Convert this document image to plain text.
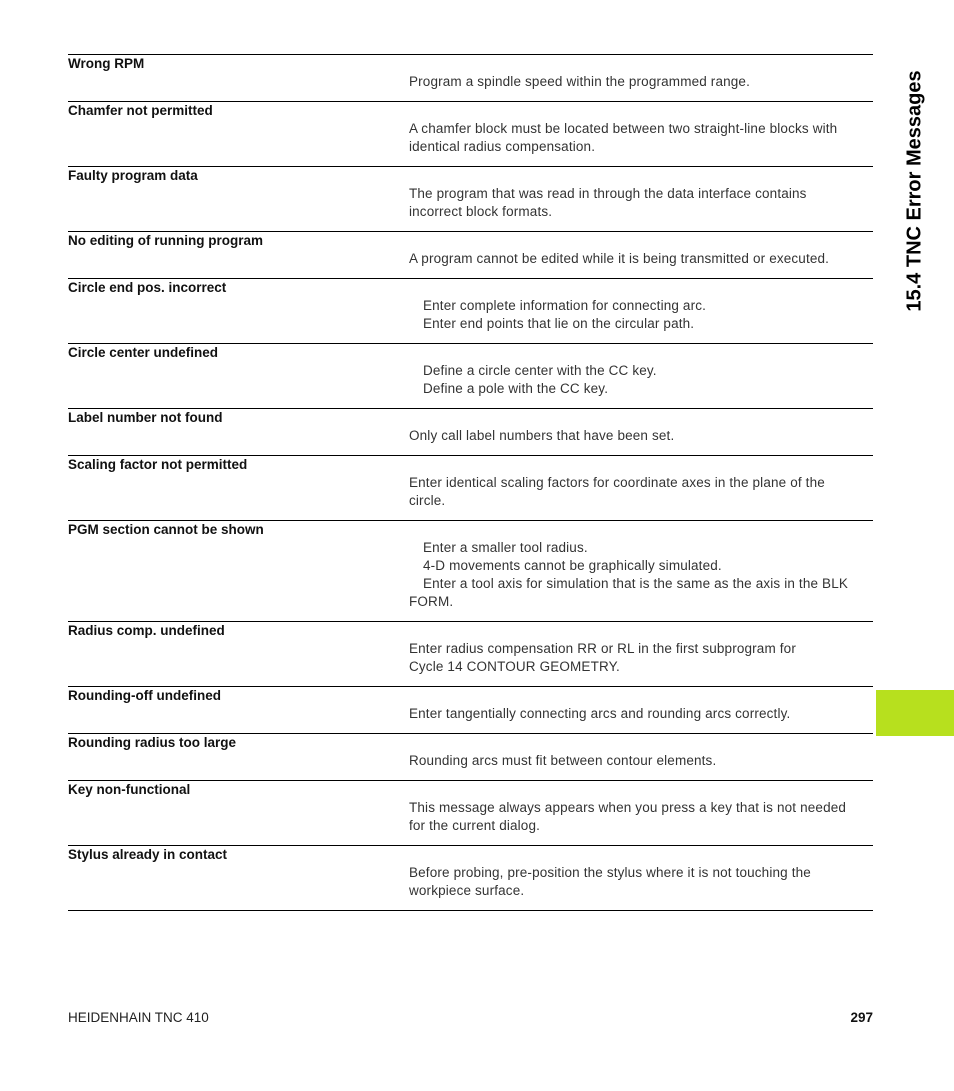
Wrong RPM
Program a spindle speed within the programmed range.
Chamfer not permitted
A chamfer block must be located between two straight-line blocks with
identical radius compensation.
Faulty program data
The program that was read in through the data interface contains
incorrect block formats.
No editing of running program
A program cannot be edited while it is being transmitted or executed.
Circle end pos. incorrect
Enter complete information for connecting arc.
Enter end points that lie on the circular path.
Circle center undefined
Define a circle center with the CC key.
Define a pole with the CC key.
Label number not found
Only call label numbers that have been set.
Scaling factor not permitted
Enter identical scaling factors for coordinate axes in the plane of the
circle.
PGM section cannot be shown
Enter a smaller tool radius.
4-D movements cannot be graphically simulated.
Enter a tool axis for simulation that is the same as the axis in the BLK
FORM.
Radius comp. undefined
Enter radius compensation RR or RL in the first subprogram for
Cycle 14 CONTOUR GEOMETRY.
Rounding-off undefined
Enter tangentially connecting arcs and rounding arcs correctly.
Rounding radius too large
Rounding arcs must fit between contour elements.
Key non-functional
This message always appears when you press a key that is not needed
for the current dialog.
Stylus already in contact
Before probing, pre-position the stylus where it is not touching the
workpiece surface.
15.4 TNC Error Messages
HEIDENHAIN TNC 410	297
